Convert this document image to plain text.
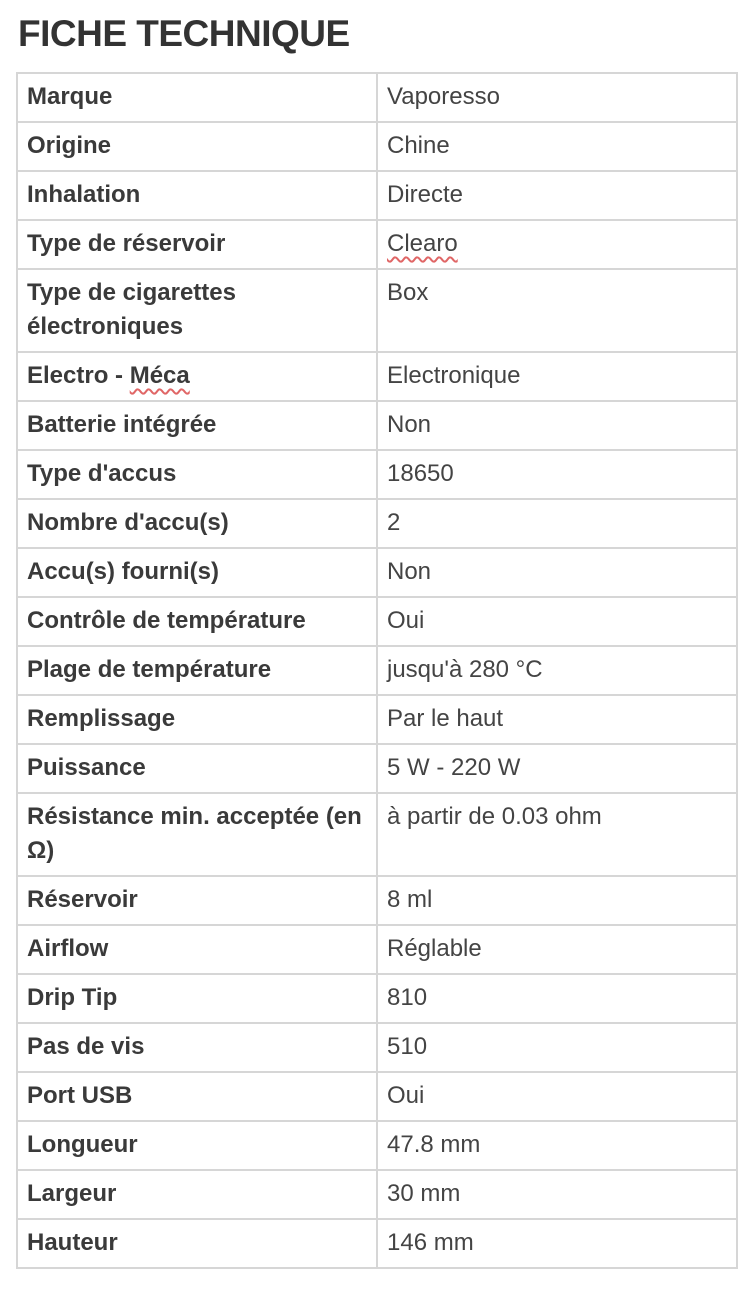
FICHE TECHNIQUE
Marque	Vaporesso
Origine	Chine
Inhalation	Directe
Type de réservoir	Clearo
Type de cigarettes électroniques	Box
Electro - Méca	Electronique
Batterie intégrée	Non
Type d'accus	18650
Nombre d'accu(s)	2
Accu(s) fourni(s)	Non
Contrôle de température	Oui
Plage de température	jusqu'à 280 °C
Remplissage	Par le haut
Puissance	5 W - 220 W
Résistance min. acceptée (en Ω)	à partir de 0.03 ohm
Réservoir	8 ml
Airflow	Réglable
Drip Tip	810
Pas de vis	510
Port USB	Oui
Longueur	47.8 mm
Largeur	30 mm
Hauteur	146 mm
